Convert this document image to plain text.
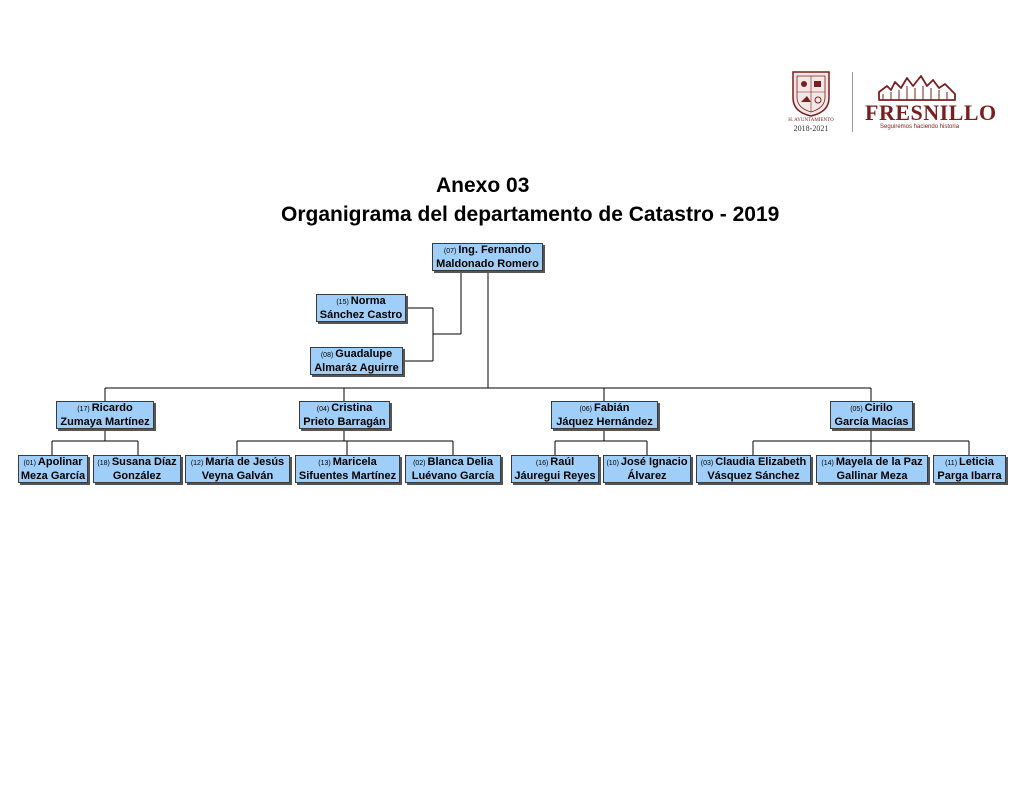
H. AYUNTAMIENTO
2018-2021
FRESNILLO
Seguiremos haciendo historia
Anexo 03
Organigrama del departamento de Catastro - 2019
(07) Ing. Fernando
Maldonado Romero
(15) Norma
Sánchez Castro
(08) Guadalupe
Almaráz Aguirre
(17) Ricardo
Zumaya Martínez
(04) Cristina
Prieto Barragán
(06) Fabián
Jáquez Hernández
(05) Cirilo
García Macías
(01) Apolinar
Meza García
(18) Susana Díaz
González
(12) María de Jesús
Veyna Galván
(13) Maricela
Sifuentes Martínez
(02) Blanca Delia
Luévano García
(16) Raúl
Jáuregui Reyes
(10) José Ignacio
Álvarez
(03) Claudia Elizabeth
Vásquez Sánchez
(14) Mayela de la Paz
Gallinar Meza
(11) Leticia
Parga Ibarra
